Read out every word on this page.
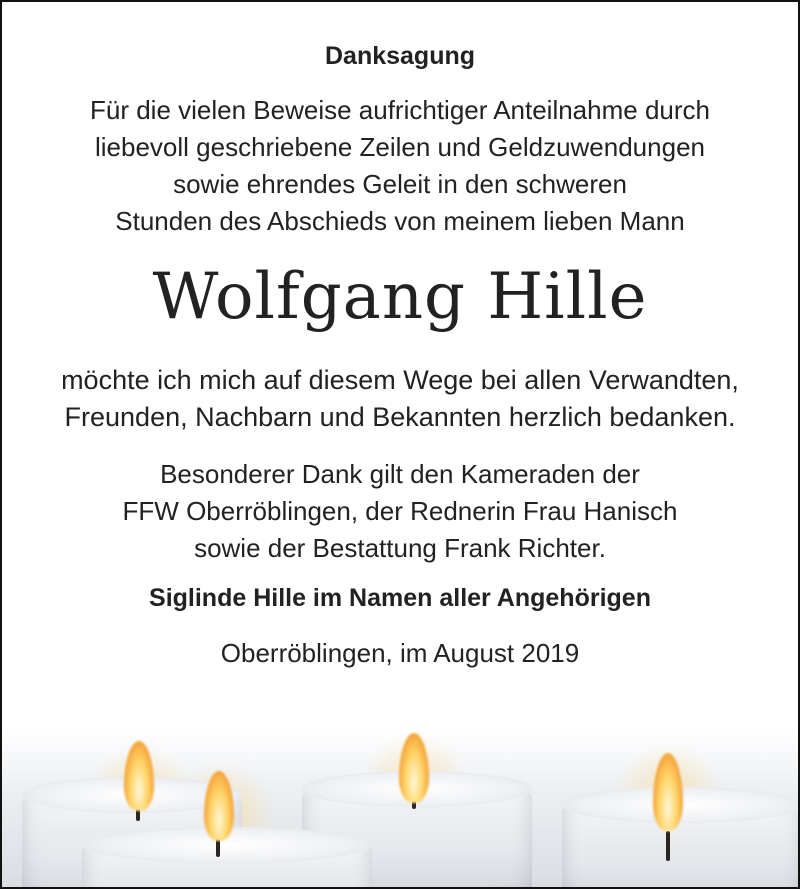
Danksagung
Für die vielen Beweise aufrichtiger Anteilnahme durch
liebevoll geschriebene Zeilen und Geldzuwendungen
sowie ehrendes Geleit in den schweren
Stunden des Abschieds von meinem lieben Mann
Wolfgang Hille
möchte ich mich auf diesem Wege bei allen Verwandten,
Freunden, Nachbarn und Bekannten herzlich bedanken.
Besonderer Dank gilt den Kameraden der
FFW Oberröblingen, der Rednerin Frau Hanisch
sowie der Bestattung Frank Richter.
Siglinde Hille im Namen aller Angehörigen
Oberröblingen, im August 2019
